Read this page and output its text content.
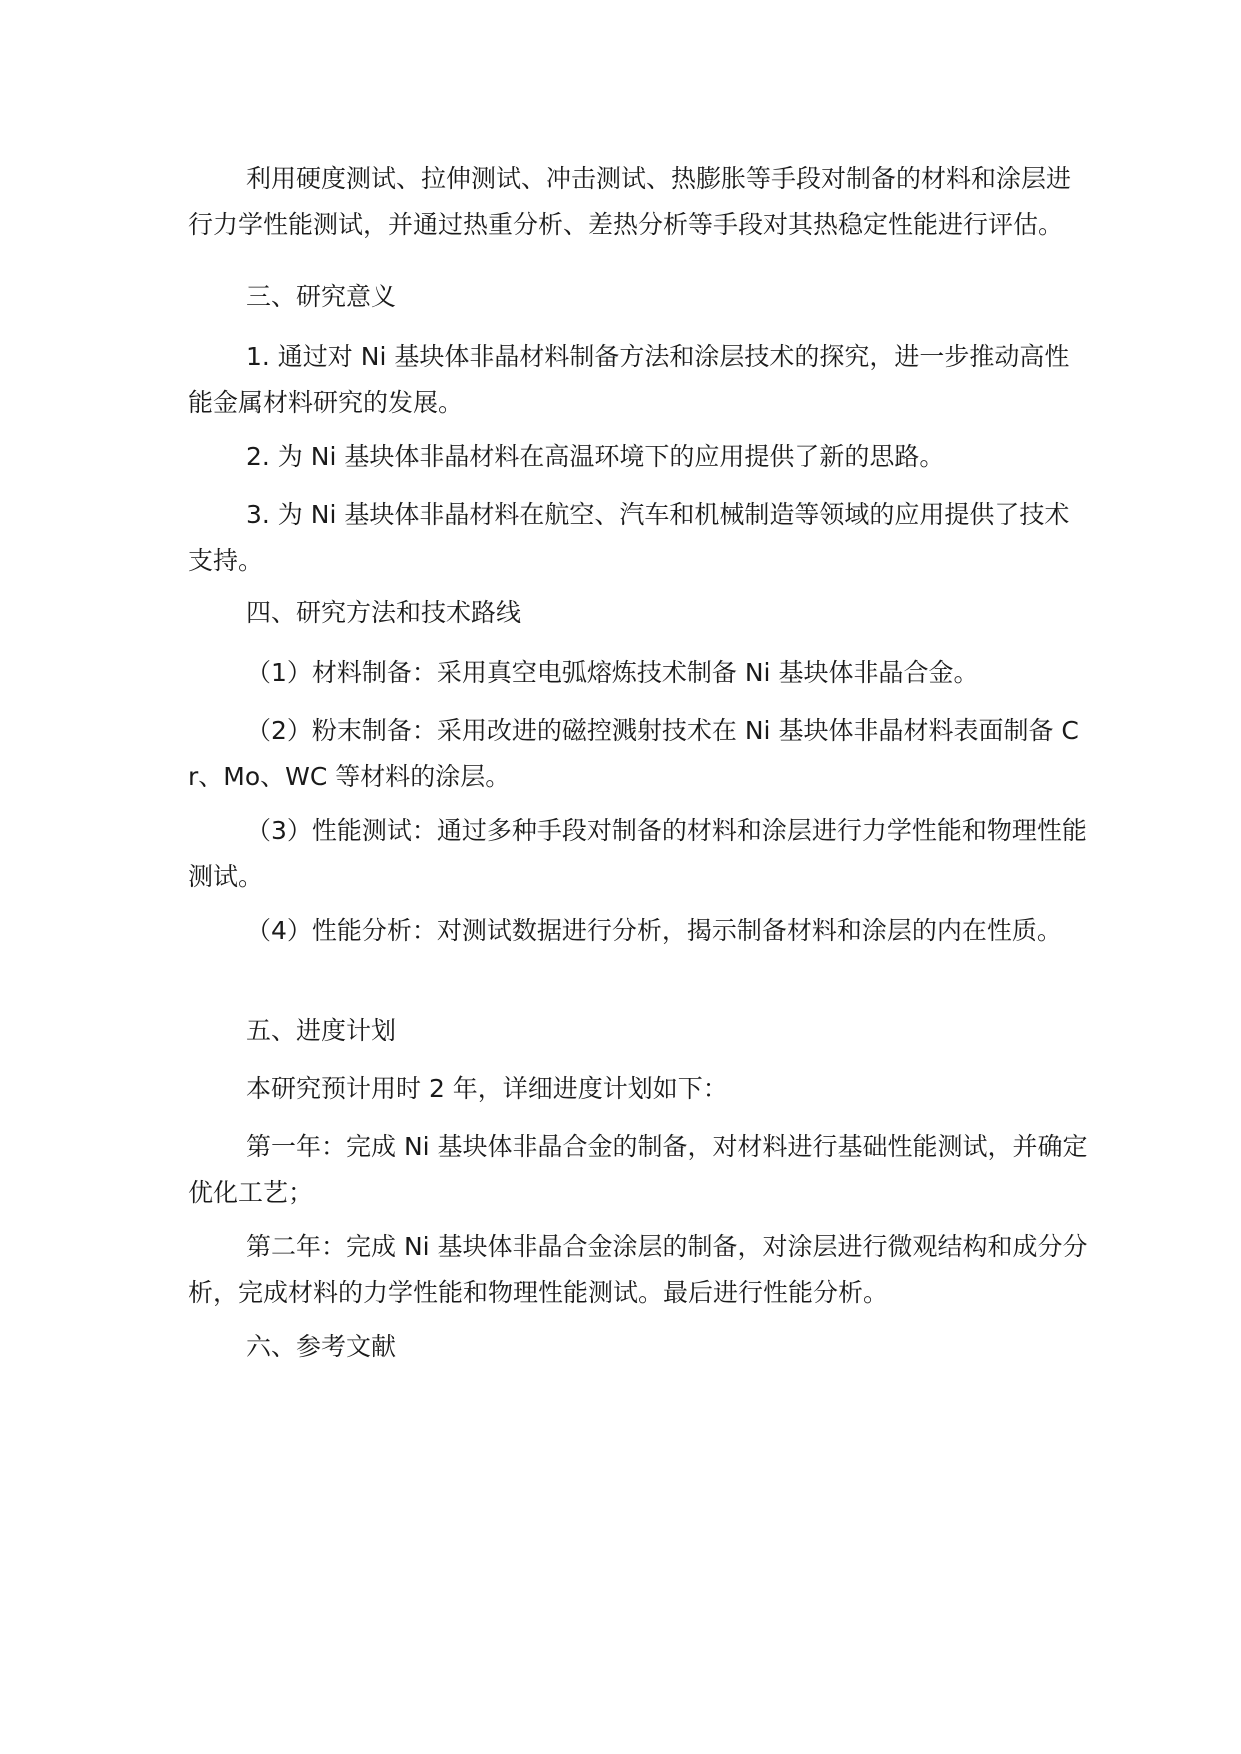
利用硬度测试、拉伸测试、冲击测试、热膨胀等手段对制备的材料和涂层进行力学性能测试，并通过热重分析、差热分析等手段对其热稳定性能进行评估。

三、研究意义

1. 通过对 Ni 基块体非晶材料制备方法和涂层技术的探究，进一步推动高性能金属材料研究的发展。

2. 为 Ni 基块体非晶材料在高温环境下的应用提供了新的思路。

3. 为 Ni 基块体非晶材料在航空、汽车和机械制造等领域的应用提供了技术支持。

四、研究方法和技术路线

（1）材料制备：采用真空电弧熔炼技术制备 Ni 基块体非晶合金。

（2）粉末制备：采用改进的磁控溅射技术在 Ni 基块体非晶材料表面制备 Cr、Mo、WC 等材料的涂层。

（3）性能测试：通过多种手段对制备的材料和涂层进行力学性能和物理性能测试。

（4）性能分析：对测试数据进行分析，揭示制备材料和涂层的内在性质。

五、进度计划

本研究预计用时 2 年，详细进度计划如下：

第一年：完成 Ni 基块体非晶合金的制备，对材料进行基础性能测试，并确定优化工艺；

第二年：完成 Ni 基块体非晶合金涂层的制备，对涂层进行微观结构和成分分析，完成材料的力学性能和物理性能测试。最后进行性能分析。

六、参考文献
